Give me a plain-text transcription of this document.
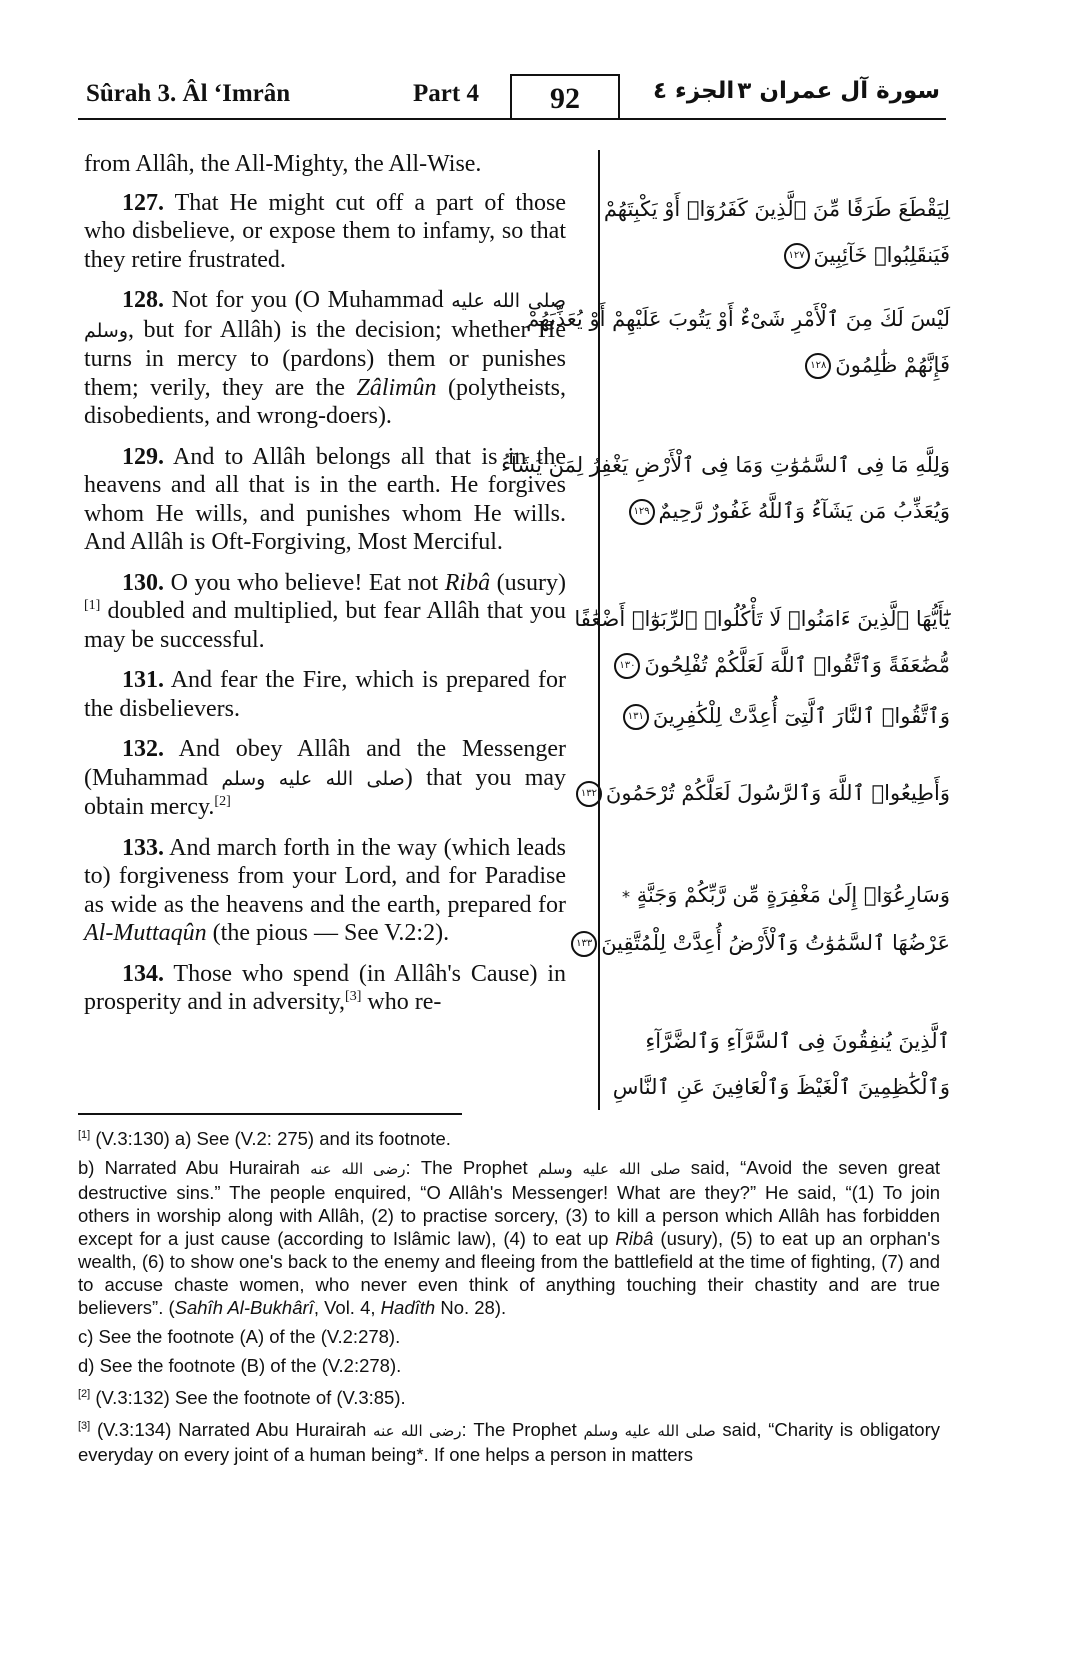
Sûrah 3. Âl ‘Imrân	Part 4	92	الجزء ٤ سورة آل عمران ٣

from Allâh, the All-Mighty, the All-Wise.

127. That He might cut off a part of those who disbelieve, or expose them to infamy, so that they retire frustrated.

128. Not for you (O Muhammad صلى الله عليه وسلم, but for Allâh) is the decision; whether He turns in mercy to (pardons) them or punishes them; verily, they are the Zâlimûn (polytheists, disobedients, and wrong-doers).

129. And to Allâh belongs all that is in the heavens and all that is in the earth. He forgives whom He wills, and punishes whom He wills. And Allâh is Oft-Forgiving, Most Merciful.

130. O you who believe! Eat not Ribâ (usury)[1] doubled and multiplied, but fear Allâh that you may be successful.

131. And fear the Fire, which is prepared for the disbelievers.

132. And obey Allâh and the Messenger (Muhammad صلى الله عليه وسلم) that you may obtain mercy.[2]

133. And march forth in the way (which leads to) forgiveness from your Lord, and for Paradise as wide as the heavens and the earth, prepared for Al-Muttaqûn (the pious — See V.2:2).

134. Those who spend (in Allâh's Cause) in prosperity and in adversity,[3] who re-

لِيَقْطَعَ طَرَفًا مِّنَ ٱلَّذِينَ كَفَرُوٓا۟ أَوْ يَكْبِتَهُمْ
فَيَنقَلِبُوا۟ خَآئِبِينَ١٢٧
لَيْسَ لَكَ مِنَ ٱلْأَمْرِ شَىْءٌ أَوْ يَتُوبَ عَلَيْهِمْ أَوْ يُعَذِّبَهُمْ
فَإِنَّهُمْ ظَٰلِمُونَ١٢٨
وَلِلَّهِ مَا فِى ٱلسَّمَٰوَٰتِ وَمَا فِى ٱلْأَرْضِ يَغْفِرُ لِمَن يَشَآءُ
وَيُعَذِّبُ مَن يَشَآءُ وَٱللَّهُ غَفُورٌ رَّحِيمٌ١٢٩
يَٰٓأَيُّهَا ٱلَّذِينَ ءَامَنُوا۟ لَا تَأْكُلُوا۟ ٱلرِّبَوٰٓا۟ أَضْعَٰفًا
مُّضَٰعَفَةً وَٱتَّقُوا۟ ٱللَّهَ لَعَلَّكُمْ تُفْلِحُونَ١٣٠
وَٱتَّقُوا۟ ٱلنَّارَ ٱلَّتِىٓ أُعِدَّتْ لِلْكَٰفِرِينَ١٣١
وَأَطِيعُوا۟ ٱللَّهَ وَٱلرَّسُولَ لَعَلَّكُمْ تُرْحَمُونَ١٣٢
وَسَارِعُوٓا۟ إِلَىٰ مَغْفِرَةٍ مِّن رَّبِّكُمْ وَجَنَّةٍ *
عَرْضُهَا ٱلسَّمَٰوَٰتُ وَٱلْأَرْضُ أُعِدَّتْ لِلْمُتَّقِينَ١٣٣
ٱلَّذِينَ يُنفِقُونَ فِى ٱلسَّرَّآءِ وَٱلضَّرَّآءِ
وَٱلْكَٰظِمِينَ ٱلْغَيْظَ وَٱلْعَافِينَ عَنِ ٱلنَّاسِ

[1] (V.3:130) a) See (V.2: 275) and its footnote.

b) Narrated Abu Hurairah رضى الله عنه: The Prophet صلى الله عليه وسلم said, “Avoid the seven great destructive sins.” The people enquired, “O Allâh's Messenger! What are they?” He said, “(1) To join others in worship along with Allâh, (2) to practise sorcery, (3) to kill a person which Allâh has forbidden except for a just cause (according to Islâmic law), (4) to eat up Ribâ (usury), (5) to eat up an orphan's wealth, (6) to show one's back to the enemy and fleeing from the battlefield at the time of fighting, (7) and to accuse chaste women, who never even think of anything touching their chastity and are true believers”. (Sahîh Al-Bukhârî, Vol. 4, Hadîth No. 28).

c) See the footnote (A) of the (V.2:278).

d) See the footnote (B) of the (V.2:278).

[2] (V.3:132) See the footnote of (V.3:85).

[3] (V.3:134) Narrated Abu Hurairah رضى الله عنه: The Prophet صلى الله عليه وسلم said, “Charity is obligatory everyday on every joint of a human being*. If one helps a person in matters
